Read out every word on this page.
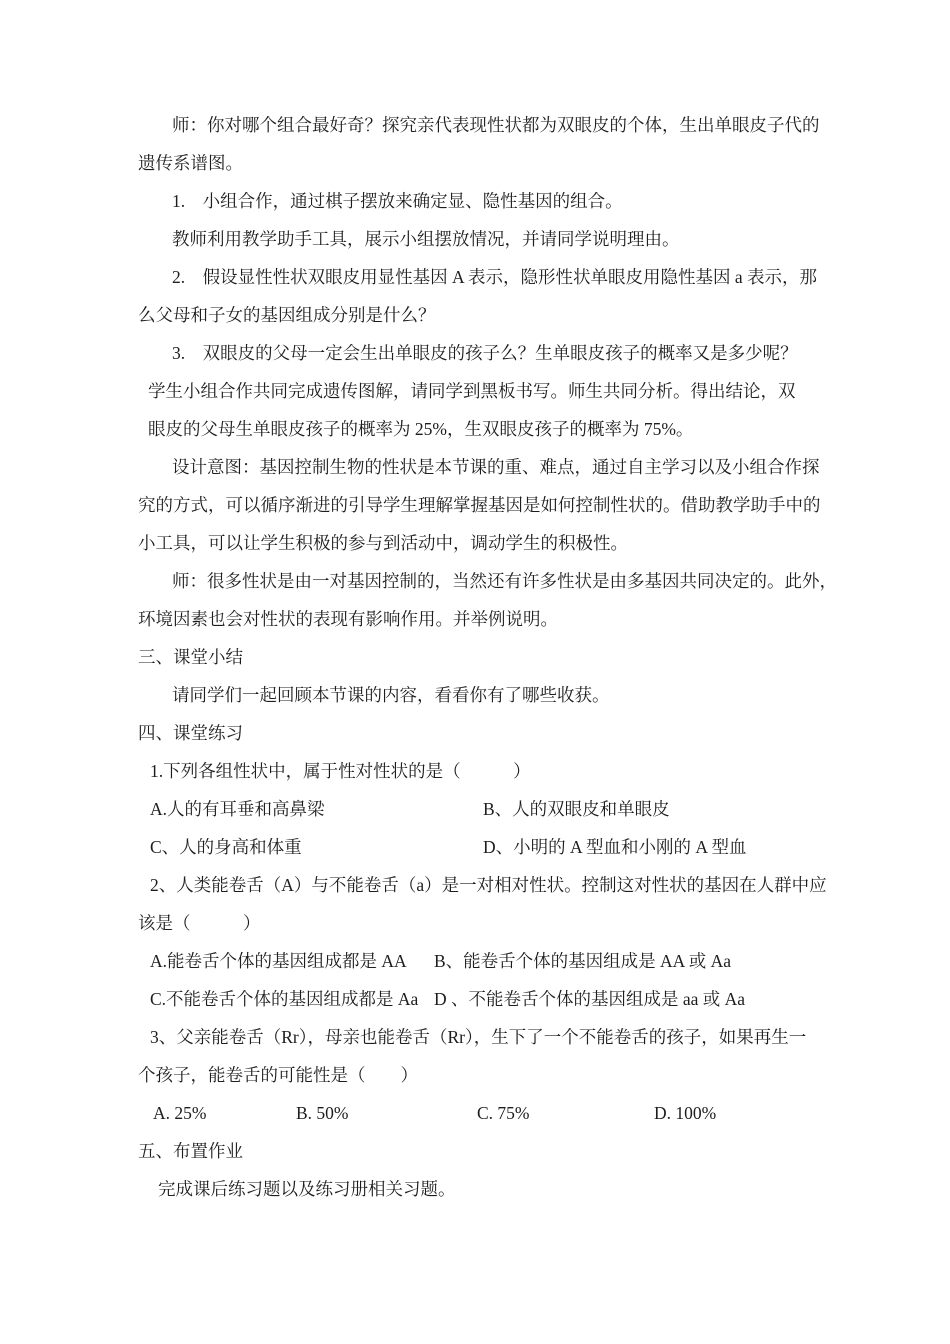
师：你对哪个组合最好奇？探究亲代表现性状都为双眼皮的个体，生出单眼皮子代的
遗传系谱图。
1.    小组合作，通过棋子摆放来确定显、隐性基因的组合。
教师利用教学助手工具，展示小组摆放情况，并请同学说明理由。
2.    假设显性性状双眼皮用显性基因 A 表示，隐形性状单眼皮用隐性基因 a 表示，那
么父母和子女的基因组成分别是什么？
3.    双眼皮的父母一定会生出单眼皮的孩子么？生单眼皮孩子的概率又是多少呢？
学生小组合作共同完成遗传图解，请同学到黑板书写。师生共同分析。得出结论，双
眼皮的父母生单眼皮孩子的概率为 25%，生双眼皮孩子的概率为 75%。
设计意图：基因控制生物的性状是本节课的重、难点，通过自主学习以及小组合作探
究的方式，可以循序渐进的引导学生理解掌握基因是如何控制性状的。借助教学助手中的
小工具，可以让学生积极的参与到活动中，调动学生的积极性。
师：很多性状是由一对基因控制的，当然还有许多性状是由多基因共同决定的。此外，
环境因素也会对性状的表现有影响作用。并举例说明。
三、课堂小结
请同学们一起回顾本节课的内容，看看你有了哪些收获。
四、课堂练习
1.下列各组性状中，属于性对性状的是（　　　）
A.人的有耳垂和高鼻梁	B、人的双眼皮和单眼皮
C、人的身高和体重	D、小明的 A 型血和小刚的 A 型血
2、人类能卷舌（A）与不能卷舌（a）是一对相对性状。控制这对性状的基因在人群中应
该是（　　　）
A.能卷舌个体的基因组成都是 AA B、能卷舌个体的基因组成是 AA 或 Aa
C.不能卷舌个体的基因组成都是 Aa D 、不能卷舌个体的基因组成是 aa 或 Aa
3、父亲能卷舌（Rr），母亲也能卷舌（Rr），生下了一个不能卷舌的孩子，如果再生一
个孩子，能卷舌的可能性是（　　）
A. 25%	B. 50%	C. 75%	D. 100%
五、布置作业
完成课后练习题以及练习册相关习题。
